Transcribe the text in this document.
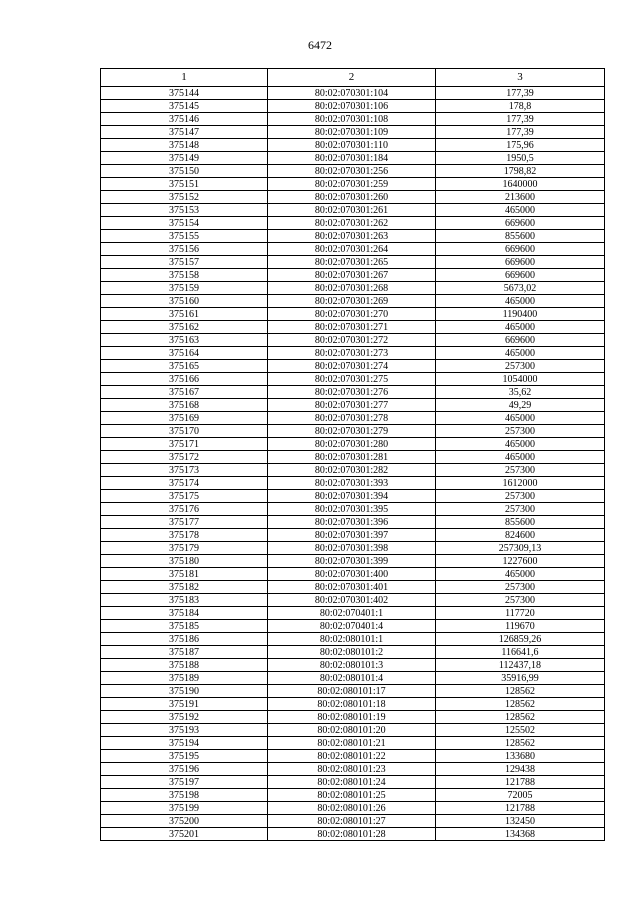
6472
1	2	3
375144	80:02:070301:104	177,39
375145	80:02:070301:106	178,8
375146	80:02:070301:108	177,39
375147	80:02:070301:109	177,39
375148	80:02:070301:110	175,96
375149	80:02:070301:184	1950,5
375150	80:02:070301:256	1798,82
375151	80:02:070301:259	1640000
375152	80:02:070301:260	213600
375153	80:02:070301:261	465000
375154	80:02:070301:262	669600
375155	80:02:070301:263	855600
375156	80:02:070301:264	669600
375157	80:02:070301:265	669600
375158	80:02:070301:267	669600
375159	80:02:070301:268	5673,02
375160	80:02:070301:269	465000
375161	80:02:070301:270	1190400
375162	80:02:070301:271	465000
375163	80:02:070301:272	669600
375164	80:02:070301:273	465000
375165	80:02:070301:274	257300
375166	80:02:070301:275	1054000
375167	80:02:070301:276	35,62
375168	80:02:070301:277	49,29
375169	80:02:070301:278	465000
375170	80:02:070301:279	257300
375171	80:02:070301:280	465000
375172	80:02:070301:281	465000
375173	80:02:070301:282	257300
375174	80:02:070301:393	1612000
375175	80:02:070301:394	257300
375176	80:02:070301:395	257300
375177	80:02:070301:396	855600
375178	80:02:070301:397	824600
375179	80:02:070301:398	257309,13
375180	80:02:070301:399	1227600
375181	80:02:070301:400	465000
375182	80:02:070301:401	257300
375183	80:02:070301:402	257300
375184	80:02:070401:1	117720
375185	80:02:070401:4	119670
375186	80:02:080101:1	126859,26
375187	80:02:080101:2	116641,6
375188	80:02:080101:3	112437,18
375189	80:02:080101:4	35916,99
375190	80:02:080101:17	128562
375191	80:02:080101:18	128562
375192	80:02:080101:19	128562
375193	80:02:080101:20	125502
375194	80:02:080101:21	128562
375195	80:02:080101:22	133680
375196	80:02:080101:23	129438
375197	80:02:080101:24	121788
375198	80:02:080101:25	72005
375199	80:02:080101:26	121788
375200	80:02:080101:27	132450
375201	80:02:080101:28	134368
